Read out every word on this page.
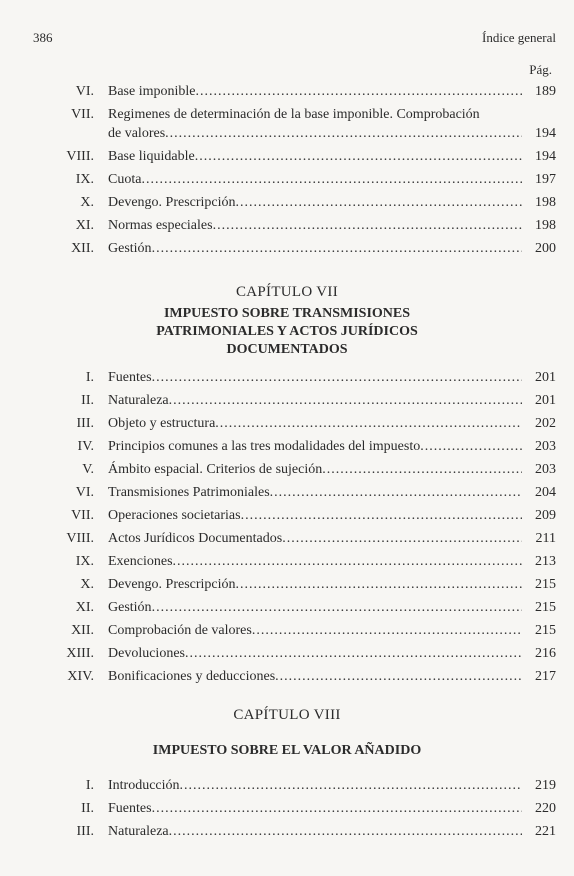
386	Índice general
Pág.
VI. Base imponible .....	189
VII. Regimenes de determinación de la base imponible. Comprobación
de valores .....	194
VIII. Base liquidable .....	194
IX. Cuota .....	197
X. Devengo. Prescripción .....	198
XI. Normas especiales .....	198
XII. Gestión .....	200
CAPÍTULO VII
IMPUESTO SOBRE TRANSMISIONES
PATRIMONIALES Y ACTOS JURÍDICOS
DOCUMENTADOS
I. Fuentes .....	201
II. Naturaleza .....	201
III. Objeto y estructura .....	202
IV. Principios comunes a las tres modalidades del impuesto .....	203
V. Ámbito espacial. Criterios de sujeción .....	203
VI. Transmisiones Patrimoniales .....	204
VII. Operaciones societarias .....	209
VIII. Actos Jurídicos Documentados .....	211
IX. Exenciones .....	213
X. Devengo. Prescripción .....	215
XI. Gestión .....	215
XII. Comprobación de valores .....	215
XIII. Devoluciones .....	216
XIV. Bonificaciones y deducciones .....	217
CAPÍTULO VIII
IMPUESTO SOBRE EL VALOR AÑADIDO
I. Introducción .....	219
II. Fuentes .....	220
III. Naturaleza .....	221
